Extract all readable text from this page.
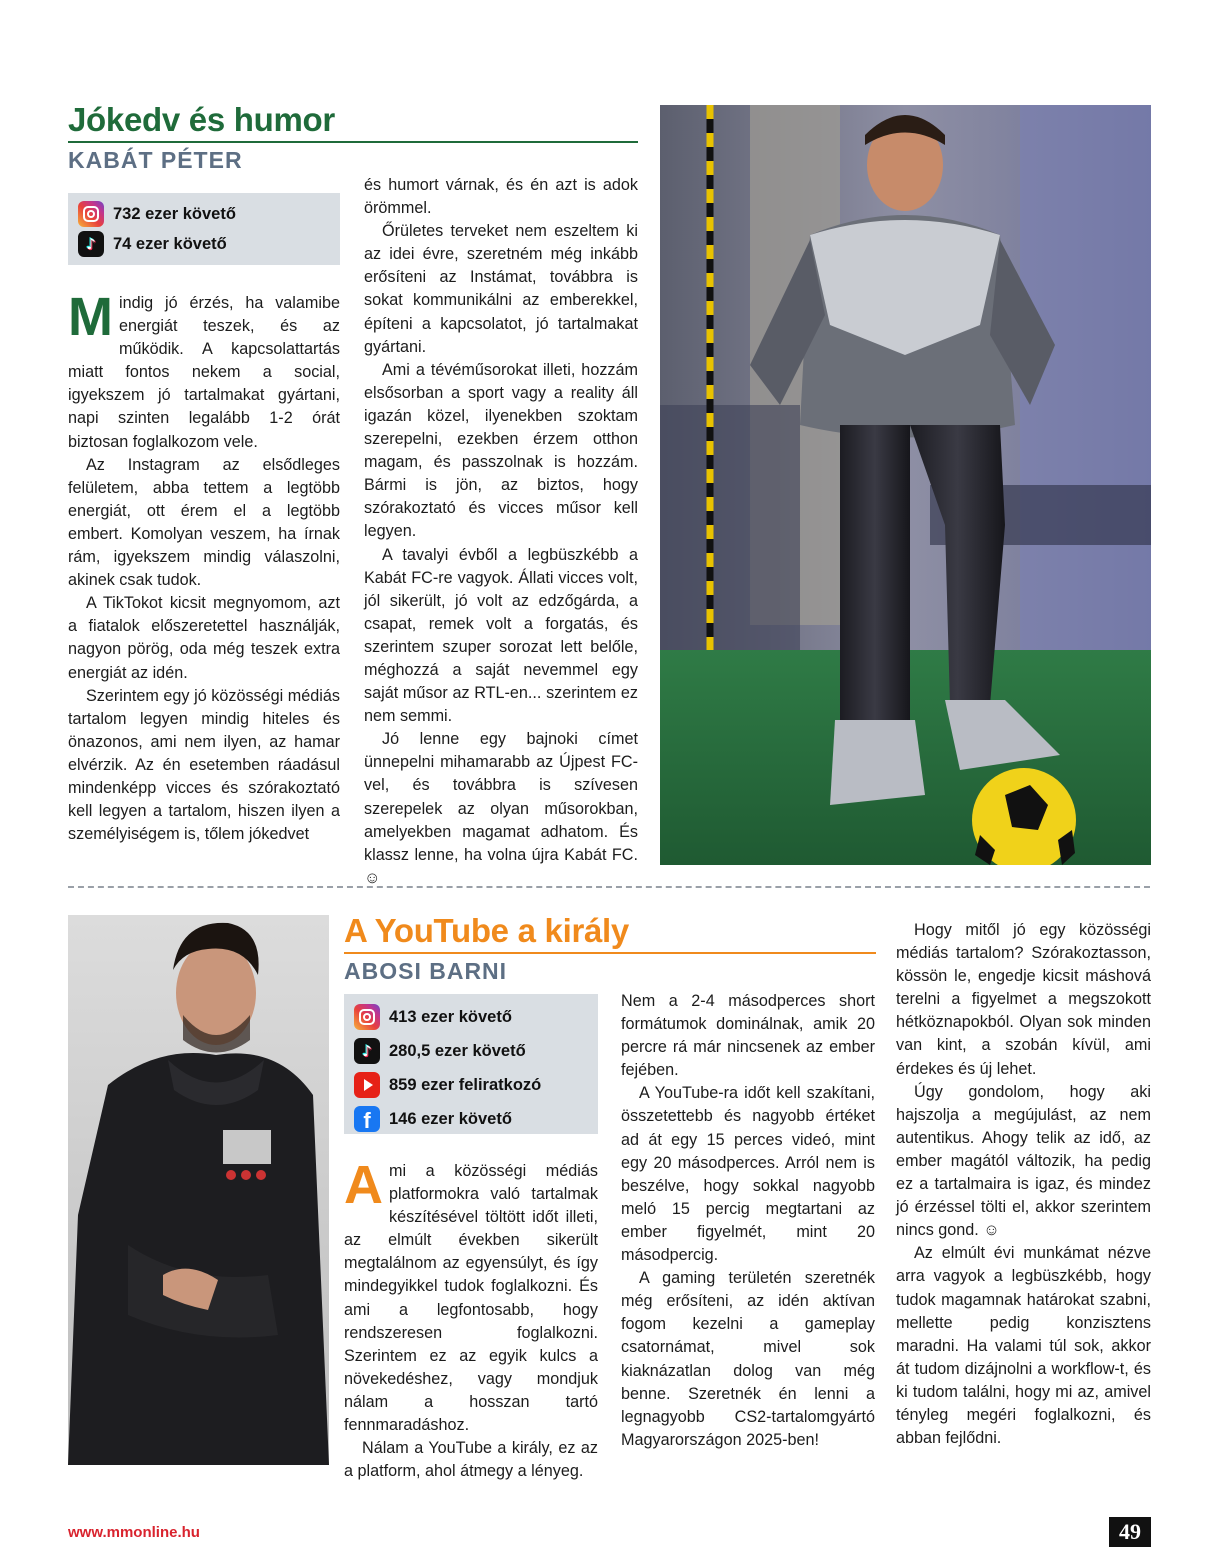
Jókedv és humor
KABÁT PÉTER
732 ezer követő
♪
74 ezer követő

Mindig jó érzés, ha valamibe energiát teszek, és az működik. A kapcsolattartás miatt fontos nekem a social, igyekszem jó tartalmakat gyártani, napi szinten legalább 1-2 órát biztosan foglalkozom vele.

Az Instagram az elsődleges felületem, abba tettem a legtöbb energiát, ott érem el a legtöbb embert. Komolyan veszem, ha írnak rám, igyekszem mindig válaszolni, akinek csak tudok.

A TikTokot kicsit megnyomom, azt a fiatalok előszeretettel használják, nagyon pörög, oda még teszek extra energiát az idén.

Szerintem egy jó közösségi médiás tartalom legyen mindig hiteles és önazonos, ami nem ilyen, az hamar elvérzik. Az én esetemben ráadásul mindenképp vicces és szórakoztató kell legyen a tartalom, hiszen ilyen a személyiségem is, tőlem jókedvet

és humort várnak, és én azt is adok örömmel.

Őrületes terveket nem eszeltem ki az idei évre, szeretném még inkább erősíteni az Instámat, továbbra is sokat kommunikálni az emberekkel, építeni a kapcsolatot, jó tartalmakat gyártani.

Ami a tévéműsorokat illeti, hozzám elsősorban a sport vagy a reality áll igazán közel, ilyenekben szoktam szerepelni, ezekben érzem otthon magam, és passzolnak is hozzám. Bármi is jön, az biztos, hogy szórakoztató és vicces műsor kell legyen.

A tavalyi évből a legbüszkébb a Kabát FC-re vagyok. Állati vicces volt, jól sikerült, jó volt az edzőgárda, a csapat, remek volt a forgatás, és szerintem szuper sorozat lett belőle, méghozzá a saját nevemmel egy saját műsor az RTL-en... szerintem ez nem semmi.

Jó lenne egy bajnoki címet ünnepelni mihamarabb az Újpest FC-vel, és továbbra is szívesen szerepelek az olyan műsorokban, amelyekben magamat adhatom. És klassz lenne, ha volna újra Kabát FC. ☺

A YouTube a király
ABOSI BARNI
413 ezer követő
♪
280,5 ezer követő
859 ezer feliratkozó
f
146 ezer követő

Ami a közösségi médiás platformokra való tartalmak készítésével töltött időt illeti, az elmúlt években sikerült megtalálnom az egyensúlyt, és így mindegyikkel tudok foglalkozni. És ami a legfontosabb, hogy rendszeresen foglalkozni. Szerintem ez az egyik kulcs a növekedéshez, vagy mondjuk nálam a hosszan tartó fennmaradáshoz.

Nálam a YouTube a király, ez az a platform, ahol átmegy a lényeg.

Nem a 2-4 másodperces short formátumok dominálnak, amik 20 percre rá már nincsenek az ember fejében.

A YouTube-ra időt kell szakítani, összetettebb és nagyobb értéket ad át egy 15 perces videó, mint egy 20 másodperces. Arról nem is beszélve, hogy sokkal nagyobb meló 15 percig megtartani az ember figyelmét, mint 20 másodpercig.

A gaming területén szeretnék még erősíteni, az idén aktívan fogom kezelni a gameplay csatornámat, mivel sok kiaknázatlan dolog van még benne. Szeretnék én lenni a legnagyobb CS2-tartalomgyártó Magyarországon 2025-ben!

Hogy mitől jó egy közösségi médiás tartalom? Szórakoztasson, kössön le, engedje kicsit máshová terelni a figyelmet a megszokott hétköznapokból. Olyan sok minden van kint, a szobán kívül, ami érdekes és új lehet.

Úgy gondolom, hogy aki hajszolja a megújulást, az nem autentikus. Ahogy telik az idő, az ember magától változik, ha pedig ez a tartalmaira is igaz, és mindez jó érzéssel tölti el, akkor szerintem nincs gond. ☺

Az elmúlt évi munkámat nézve arra vagyok a legbüszkébb, hogy tudok magamnak határokat szabni, mellette pedig konzisztens maradni. Ha valami túl sok, akkor át tudom dizájnolni a workflow-t, és ki tudom találni, hogy mi az, amivel tényleg megéri foglalkozni, és abban fejlődni.

www.mmonline.hu	49
